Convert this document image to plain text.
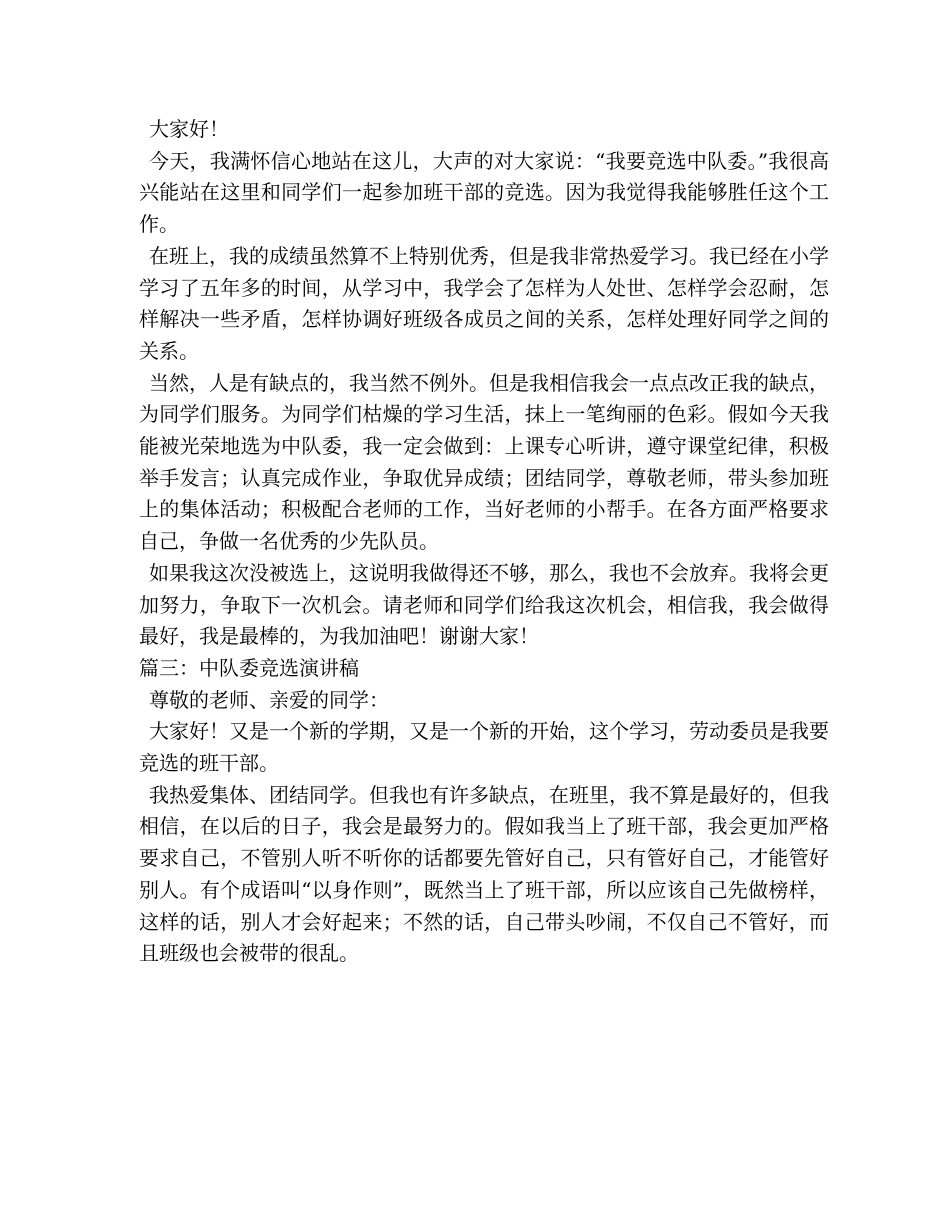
大家好！

今天，我满怀信心地站在这儿，大声的对大家说：“我要竞选中队委。”我很高兴能站在这里和同学们一起参加班干部的竞选。因为我觉得我能够胜任这个工作。

在班上，我的成绩虽然算不上特别优秀，但是我非常热爱学习。我已经在小学学习了五年多的时间，从学习中，我学会了怎样为人处世、怎样学会忍耐，怎样解决一些矛盾，怎样协调好班级各成员之间的关系，怎样处理好同学之间的关系。

当然，人是有缺点的，我当然不例外。但是我相信我会一点点改正我的缺点，为同学们服务。为同学们枯燥的学习生活，抹上一笔绚丽的色彩。假如今天我能被光荣地选为中队委，我一定会做到：上课专心听讲，遵守课堂纪律，积极举手发言；认真完成作业，争取优异成绩；团结同学，尊敬老师，带头参加班上的集体活动；积极配合老师的工作，当好老师的小帮手。在各方面严格要求自己，争做一名优秀的少先队员。

如果我这次没被选上，这说明我做得还不够，那么，我也不会放弃。我将会更加努力，争取下一次机会。请老师和同学们给我这次机会，相信我，我会做得最好，我是最棒的，为我加油吧！谢谢大家！

篇三：中队委竞选演讲稿

尊敬的老师、亲爱的同学：

大家好！又是一个新的学期，又是一个新的开始，这个学习，劳动委员是我要竞选的班干部。

我热爱集体、团结同学。但我也有许多缺点，在班里，我不算是最好的，但我相信，在以后的日子，我会是最努力的。假如我当上了班干部，我会更加严格要求自己，不管别人听不听你的话都要先管好自己，只有管好自己，才能管好别人。有个成语叫“以身作则”，既然当上了班干部，所以应该自己先做榜样，这样的话，别人才会好起来；不然的话，自己带头吵闹，不仅自己不管好，而且班级也会被带的很乱。
